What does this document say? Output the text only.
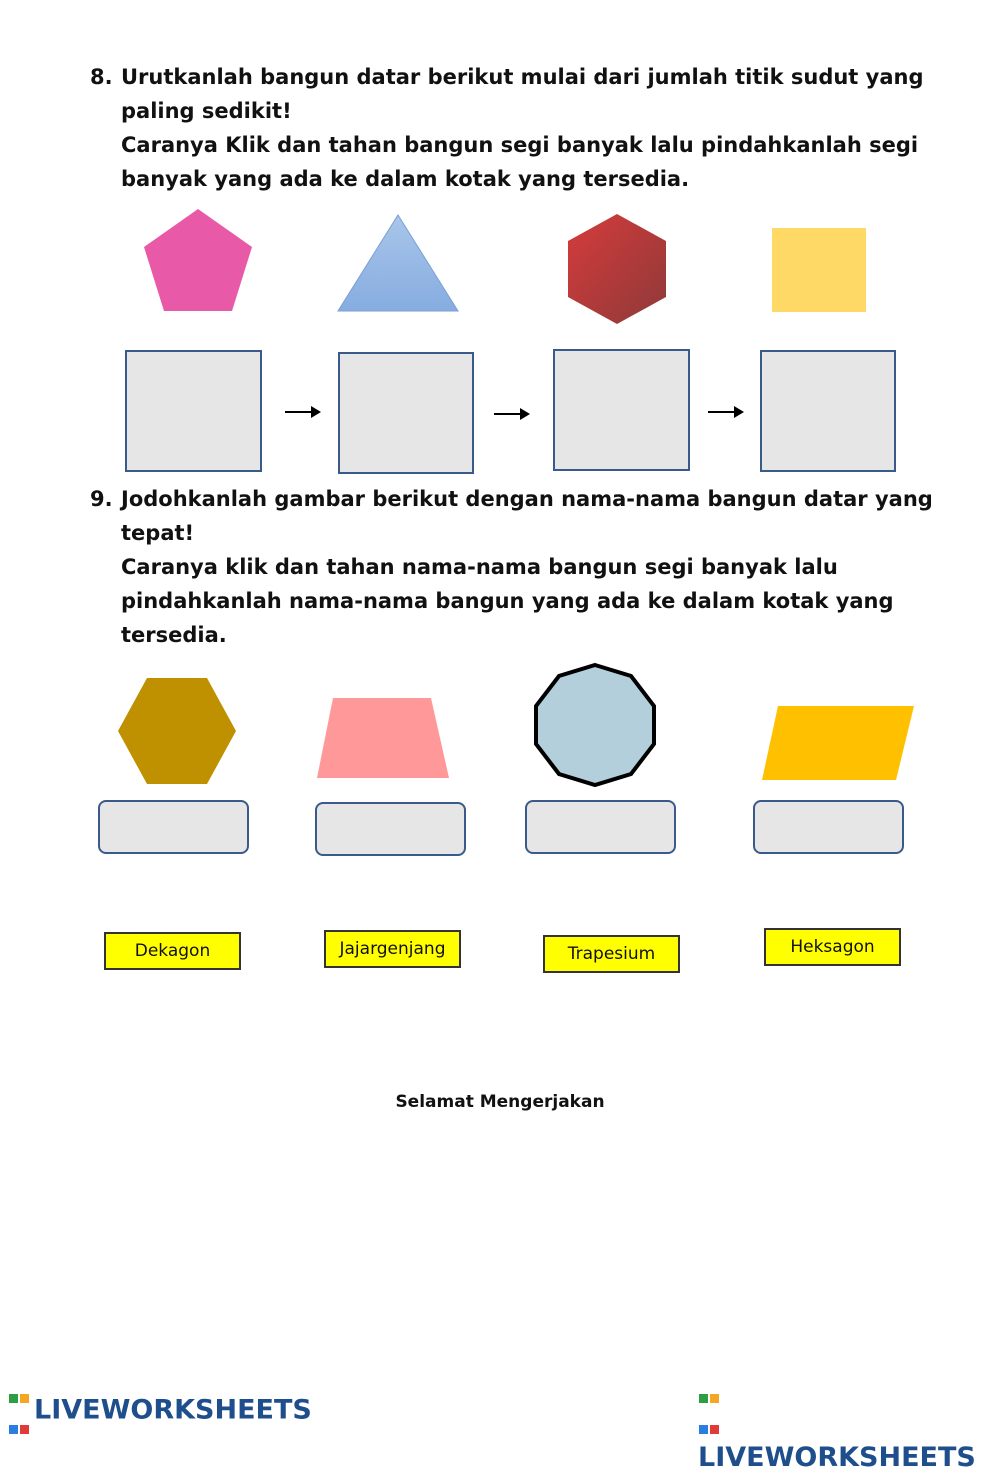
8. Urutkanlah bangun datar berikut mulai dari jumlah titik sudut yang
paling sedikit!
Caranya Klik dan tahan bangun segi banyak lalu pindahkanlah segi
banyak yang ada ke dalam kotak yang tersedia.
9. Jodohkanlah gambar berikut dengan nama-nama bangun datar yang
tepat!
Caranya klik dan tahan nama-nama bangun segi banyak lalu
pindahkanlah nama-nama bangun yang ada ke dalam kotak yang
tersedia.
Dekagon	Jajargenjang	Trapesium	Heksagon
Selamat Mengerjakan

LIVEWORKSHEETS

LIVEWORKSHEETS
